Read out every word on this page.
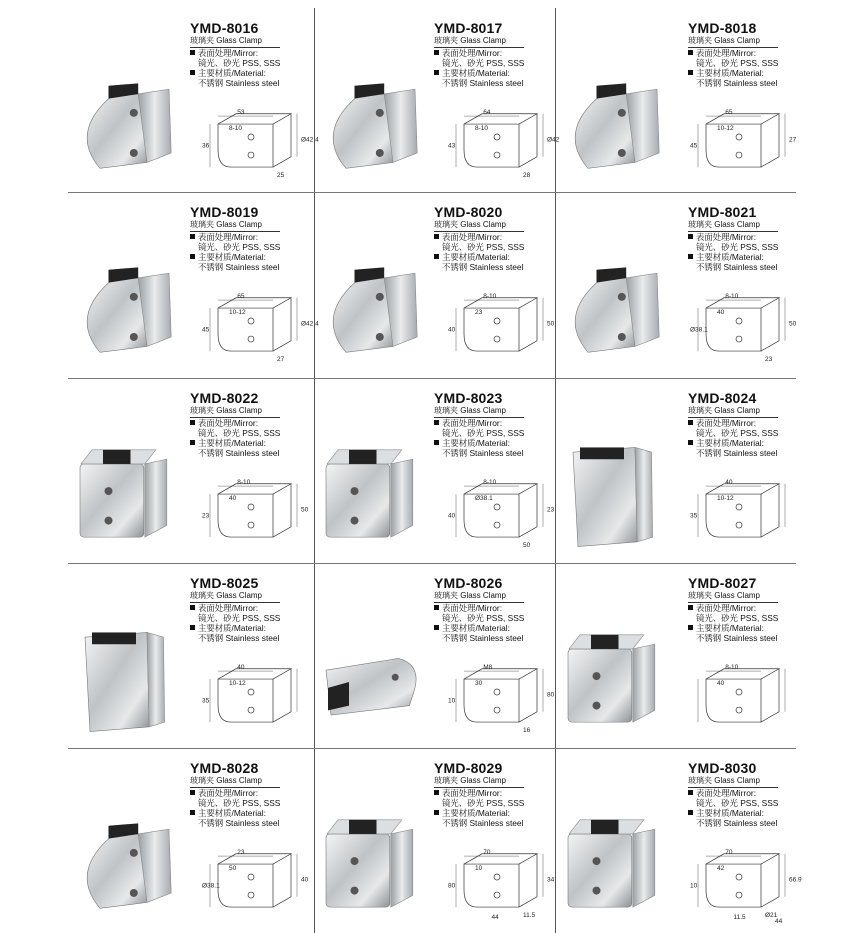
YMD-8016
玻璃夹 Glass Clamp
表面处理/Mirror:
镜光、砂光 PSS, SSS
主要材质/Material:
不锈钢 Stainless steel
53
8-10
36
Ø42.4
25
YMD-8017
玻璃夹 Glass Clamp
表面处理/Mirror:
镜光、砂光 PSS, SSS
主要材质/Material:
不锈钢 Stainless steel
64
8-10
43
Ø42
28
YMD-8018
玻璃夹 Glass Clamp
表面处理/Mirror:
镜光、砂光 PSS, SSS
主要材质/Material:
不锈钢 Stainless steel
65
10-12
45
27
YMD-8019
玻璃夹 Glass Clamp
表面处理/Mirror:
镜光、砂光 PSS, SSS
主要材质/Material:
不锈钢 Stainless steel
65
10-12
45
Ø42.4
27
YMD-8020
玻璃夹 Glass Clamp
表面处理/Mirror:
镜光、砂光 PSS, SSS
主要材质/Material:
不锈钢 Stainless steel
8-10
23
40
50
YMD-8021
玻璃夹 Glass Clamp
表面处理/Mirror:
镜光、砂光 PSS, SSS
主要材质/Material:
不锈钢 Stainless steel
8-10
40
Ø38.1
50
23
YMD-8022
玻璃夹 Glass Clamp
表面处理/Mirror:
镜光、砂光 PSS, SSS
主要材质/Material:
不锈钢 Stainless steel
8-10
40
23
50
YMD-8023
玻璃夹 Glass Clamp
表面处理/Mirror:
镜光、砂光 PSS, SSS
主要材质/Material:
不锈钢 Stainless steel
8-10
Ø38.1
40
23
50
YMD-8024
玻璃夹 Glass Clamp
表面处理/Mirror:
镜光、砂光 PSS, SSS
主要材质/Material:
不锈钢 Stainless steel
40
10-12
35
YMD-8025
玻璃夹 Glass Clamp
表面处理/Mirror:
镜光、砂光 PSS, SSS
主要材质/Material:
不锈钢 Stainless steel
40
10-12
35
YMD-8026
玻璃夹 Glass Clamp
表面处理/Mirror:
镜光、砂光 PSS, SSS
主要材质/Material:
不锈钢 Stainless steel
M8
30
10
80
16
YMD-8027
玻璃夹 Glass Clamp
表面处理/Mirror:
镜光、砂光 PSS, SSS
主要材质/Material:
不锈钢 Stainless steel
8-10
40
YMD-8028
玻璃夹 Glass Clamp
表面处理/Mirror:
镜光、砂光 PSS, SSS
主要材质/Material:
不锈钢 Stainless steel
23
50
Ø38.1
40
YMD-8029
玻璃夹 Glass Clamp
表面处理/Mirror:
镜光、砂光 PSS, SSS
主要材质/Material:
不锈钢 Stainless steel
70
10
80
34
11.5
44
YMD-8030
玻璃夹 Glass Clamp
表面处理/Mirror:
镜光、砂光 PSS, SSS
主要材质/Material:
不锈钢 Stainless steel
70
42
10
66.9
Ø21
11.5
44
